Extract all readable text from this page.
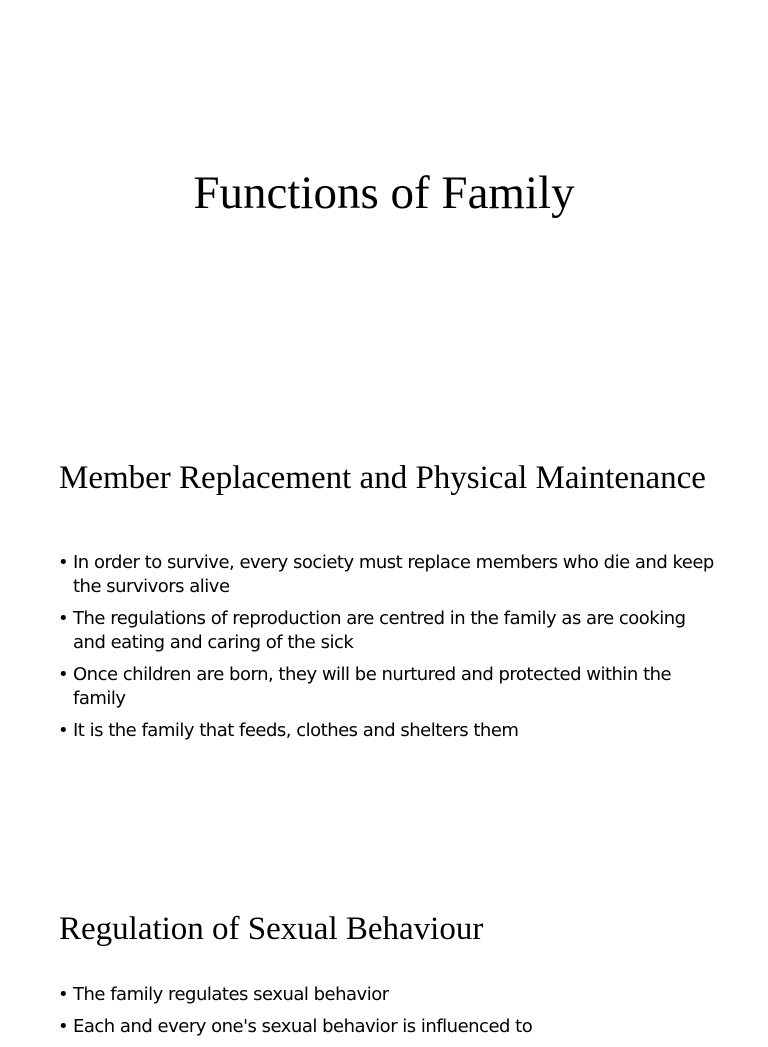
Functions of Family
Member Replacement and Physical Maintenance
• In order to survive, every society must replace members who die and keep the survivors alive
• The regulations of reproduction are centred in the family as are cooking and eating and caring of the sick
• Once children are born, they will be nurtured and protected within the family
• It is the family that feeds, clothes and shelters them
Regulation of Sexual Behaviour
• The family regulates sexual behavior
• Each and every one's sexual behavior is influenced to
